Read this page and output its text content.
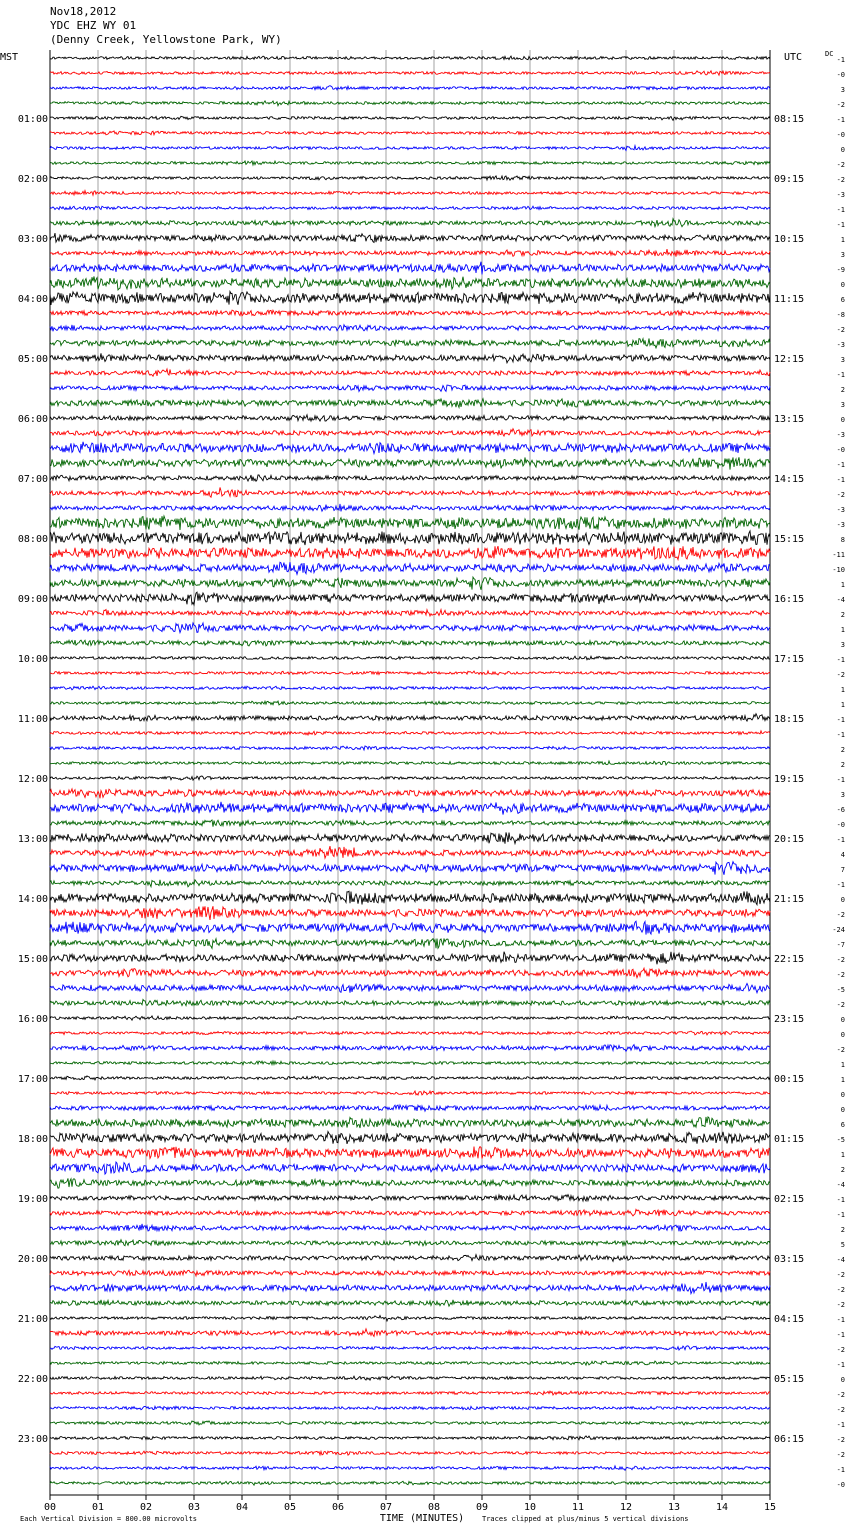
Nov18,2012
YDC EHZ WY 01
(Denny Creek, Yellowstone Park, WY)
-1
-0
3
-2
-1
-0
0
-2
-2
-3
-1
-1
1
3
-9
0
6
-8
-2
-3
3
-1
2
3
0
-3
-0
-1
-1
-2
-3
-3
8
-11
-10
1
-4
2
1
3
-1
-2
1
1
-1
-1
2
2
-1
3
-6
-0
-1
4
7
-1
0
-2
-24
-7
-2
-2
-5
-2
0
0
-2
1
1
0
0
6
-5
1
2
-4
-1
-1
2
5
-4
-2
-2
-2
-1
-1
-2
-1
0
-2
-2
-1
-2
-2
-1
-0
MST	UTC	DC
01:00
02:00
03:00
04:00
05:00
06:00
07:00
08:00
09:00
10:00
11:00
12:00
13:00
14:00
15:00
16:00
17:00
18:00
19:00
20:00
21:00
22:00
23:00
08:15
09:15
10:15
11:15
12:15
13:15
14:15
15:15
16:15
17:15
18:15
19:15
20:15
21:15
22:15
23:15
00:15
01:15
02:15
03:15
04:15
05:15
06:15
00	01	02	03	04	05	06	07	08	09	10	11	12	13	14	15
TIME (MINUTES)
Each Vertical Division = 800.00 microvolts	Traces clipped at plus/minus 5 vertical divisions
